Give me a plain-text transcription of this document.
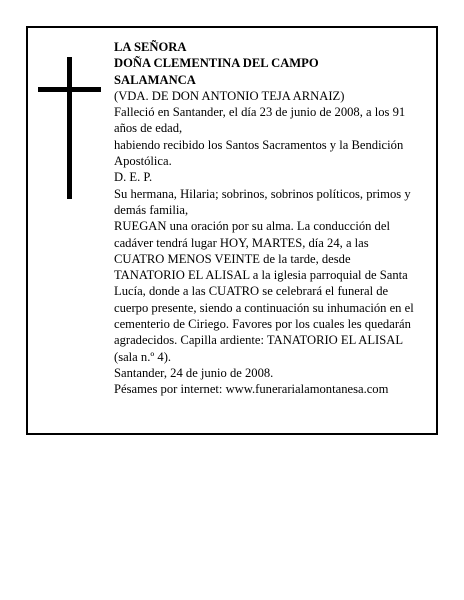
LA SEÑORA

DOÑA CLEMENTINA DEL CAMPO

SALAMANCA

(VDA. DE DON ANTONIO TEJA ARNAIZ)

Falleció en Santander, el día 23 de junio de 2008, a los 91 años de edad,

habiendo recibido los Santos Sacramentos y la Bendición Apostólica.

D. E. P.

Su hermana, Hilaria; sobrinos, sobrinos políticos, primos y demás familia,

RUEGAN una oración por su alma. La conducción del cadáver tendrá lugar HOY, MARTES, día 24, a las CUATRO MENOS VEINTE de la tarde, desde TANATORIO EL ALISAL a la iglesia parroquial de Santa Lucía, donde a las CUATRO se celebrará el funeral de cuerpo presente, siendo a continuación su inhumación en el cementerio de Ciriego. Favores por los cuales les quedarán agradecidos. Capilla ardiente: TANATORIO EL ALISAL (sala n.º 4).

Santander, 24 de junio de 2008.

Pésames por internet: www.funerarialamontanesa.com
